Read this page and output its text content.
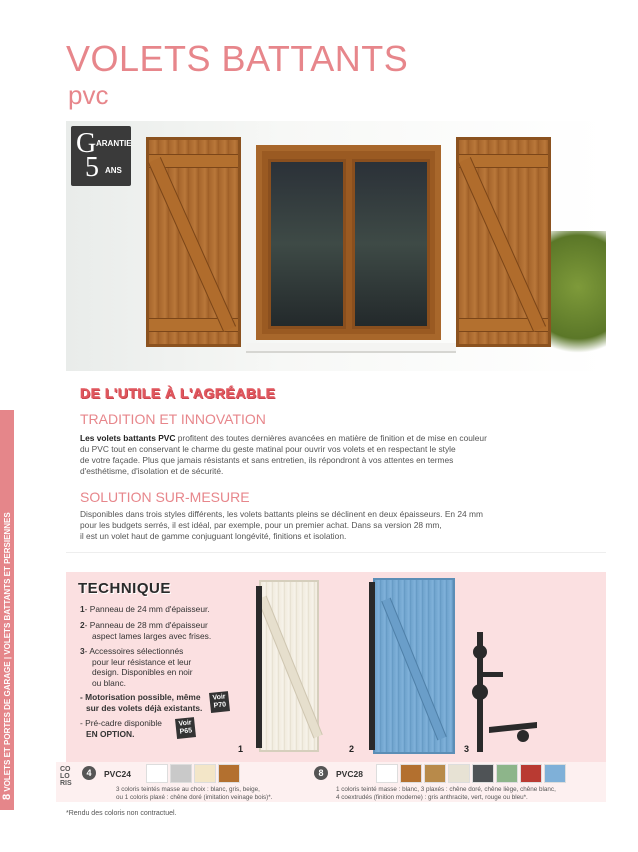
VOLETS BATTANTS
pvc
8 VOLETS ET PORTES DE GARAGE | VOLETS BATTANTS ET PERSIENNES
G ARANTIE
5 ANS
DE L'UTILE À L'AGRÉABLE
TRADITION ET INNOVATION
Les volets battants PVC profitent des toutes dernières avancées en matière de finition et de mise en couleur
du PVC tout en conservant le charme du geste matinal pour ouvrir vos volets et en respectant le style
de votre façade. Plus que jamais résistants et sans entretien, ils répondront à vos attentes en termes
d'esthétisme, d'isolation et de sécurité.
SOLUTION SUR-MESURE
Disponibles dans trois styles différents, les volets battants pleins se déclinent en deux épaisseurs. En 24 mm
pour les budgets serrés, il est idéal, par exemple, pour un premier achat. Dans sa version 28 mm,
il est un volet haut de gamme conjuguant longévité, finitions et isolation.
TECHNIQUE
1- Panneau de 24 mm d'épaisseur.
2- Panneau de 28 mm d'épaisseur
aspect lames larges avec frises.
3- Accessoires sélectionnés
pour leur résistance et leur
design. Disponibles en noir
ou blanc.
- Motorisation possible, même
sur des volets déjà existants.
- Pré-cadre disponible
EN OPTION.
Voir
P70
Voir
P65
1	2	3
CO
LO
RIS
4	PVC24
3 coloris teintés masse au choix : blanc, gris, beige,
ou 1 coloris plaxé : chêne doré (imitation veinage bois)*.
8	PVC28
1 coloris teinté masse : blanc, 3 plaxés : chêne doré, chêne liège, chêne blanc,
4 coextrudés (finition moderne) : gris anthracite, vert, rouge ou bleu*.
*Rendu des coloris non contractuel.
